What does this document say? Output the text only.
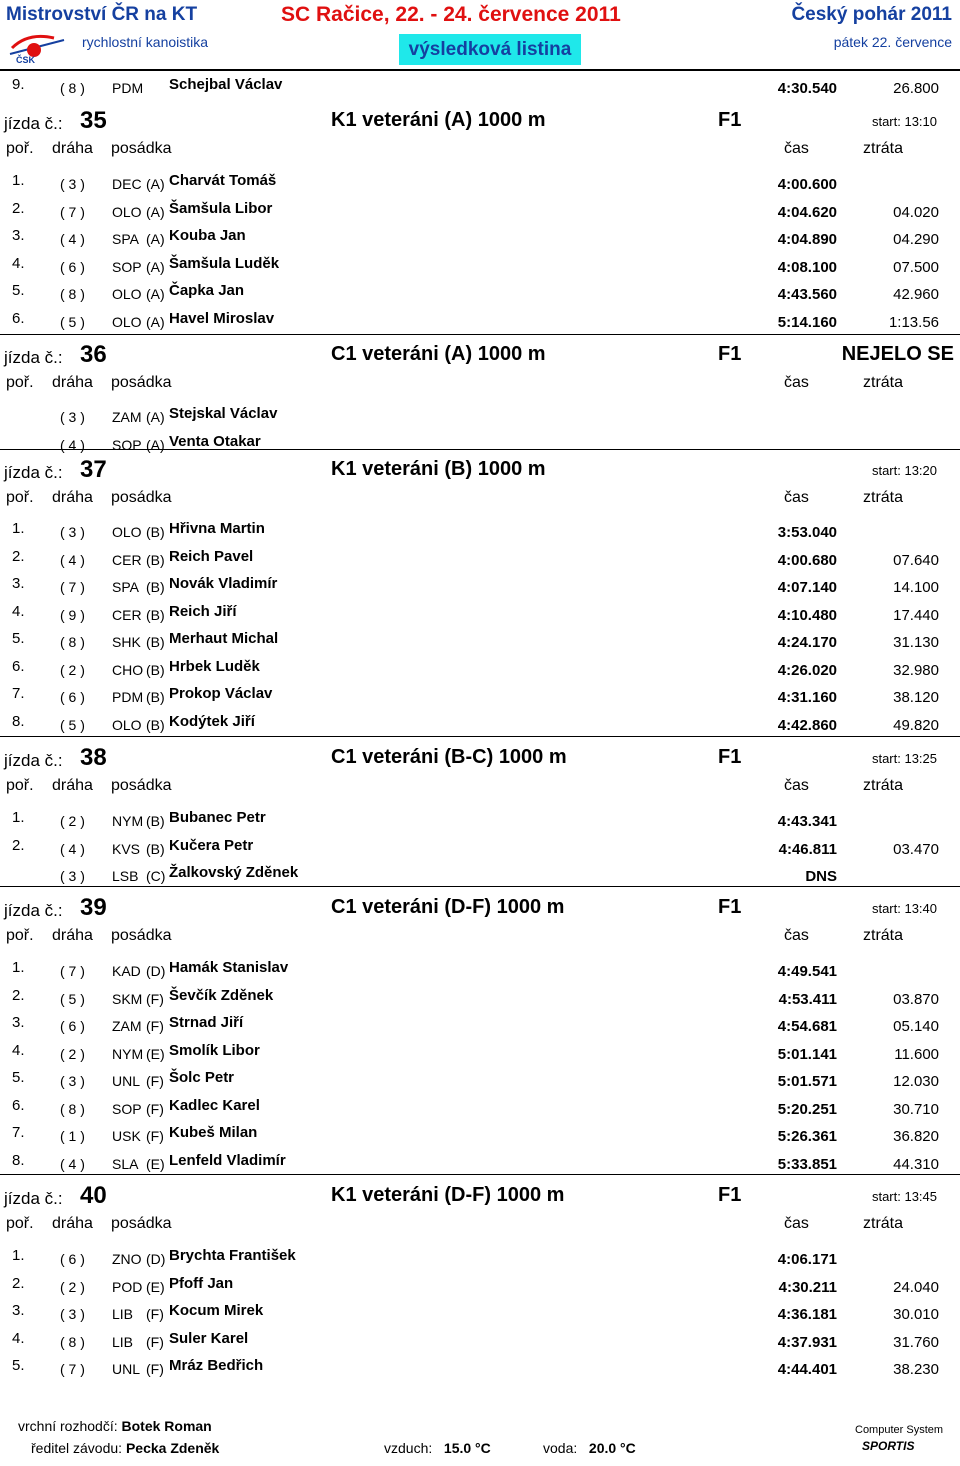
Mistrovství ČR na KT	SC Račice, 22. - 24. července 2011	Český pohár 2011
ČSK
rychlostní kanoistika	výsledková listina	pátek 22. července
9.	( 8 ) PDM Schejbal Václav	4:30.540	26.800
jízda č.: 35	K1 veteráni (A) 1000 m	F1	start: 13:10
poř. dráha posádka	čas	ztráta
1.	( 3 ) DEC (A) Charvát Tomáš	4:00.600
2.	( 7 ) OLO (A) Šamšula Libor	4:04.620	04.020
3.	( 4 ) SPA (A) Kouba Jan	4:04.890	04.290
4.	( 6 ) SOP (A) Šamšula Luděk	4:08.100	07.500
5.	( 8 ) OLO (A) Čapka Jan	4:43.560	42.960
6.	( 5 ) OLO (A) Havel Miroslav	5:14.160	1:13.56
jízda č.: 36	C1 veteráni (A) 1000 m	F1	NEJELO SE
poř. dráha posádka	čas	ztráta
( 3 ) ZAM (A) Stejskal Václav
( 4 ) SOP (A) Venta Otakar
jízda č.: 37	K1 veteráni (B) 1000 m	start: 13:20
poř. dráha posádka	čas	ztráta
1.	( 3 ) OLO (B) Hřivna Martin	3:53.040
2.	( 4 ) CER (B) Reich Pavel	4:00.680	07.640
3.	( 7 ) SPA (B) Novák Vladimír	4:07.140	14.100
4.	( 9 ) CER (B) Reich Jiří	4:10.480	17.440
5.	( 8 ) SHK (B) Merhaut Michal	4:24.170	31.130
6.	( 2 ) CHO (B) Hrbek Luděk	4:26.020	32.980
7.	( 6 ) PDM (B) Prokop Václav	4:31.160	38.120
8.	( 5 ) OLO (B) Kodýtek Jiří	4:42.860	49.820
jízda č.: 38	C1 veteráni (B-C) 1000 m	F1	start: 13:25
poř. dráha posádka	čas	ztráta
1.	( 2 ) NYM (B) Bubanec Petr	4:43.341
2.	( 4 ) KVS (B) Kučera Petr	4:46.811	03.470
( 3 ) LSB (C) Žalkovský Zděnek	DNS
jízda č.: 39	C1 veteráni (D-F) 1000 m	F1	start: 13:40
poř. dráha posádka	čas	ztráta
1.	( 7 ) KAD (D) Hamák Stanislav	4:49.541
2.	( 5 ) SKM (F) Ševčík Zděnek	4:53.411	03.870
3.	( 6 ) ZAM (F) Strnad Jiří	4:54.681	05.140
4.	( 2 ) NYM (E) Smolík Libor	5:01.141	11.600
5.	( 3 ) UNL (F) Šolc Petr	5:01.571	12.030
6.	( 8 ) SOP (F) Kadlec Karel	5:20.251	30.710
7.	( 1 ) USK (F) Kubeš Milan	5:26.361	36.820
8.	( 4 ) SLA (E) Lenfeld Vladimír	5:33.851	44.310
jízda č.: 40	K1 veteráni (D-F) 1000 m	F1	start: 13:45
poř. dráha posádka	čas	ztráta
1.	( 6 ) ZNO (D) Brychta František	4:06.171
2.	( 2 ) POD (E) Pfoff Jan	4:30.211	24.040
3.	( 3 ) LIB (F) Kocum Mirek	4:36.181	30.010
4.	( 8 ) LIB (F) Suler Karel	4:37.931	31.760
5.	( 7 ) UNL (F) Mráz Bedřich	4:44.401	38.230
vrchní rozhodčí: Botek Roman
ředitel závodu: Pecka Zdeněk	vzduch: 15.0 °C	voda: 20.0 °C
Computer System
SPORTIS
